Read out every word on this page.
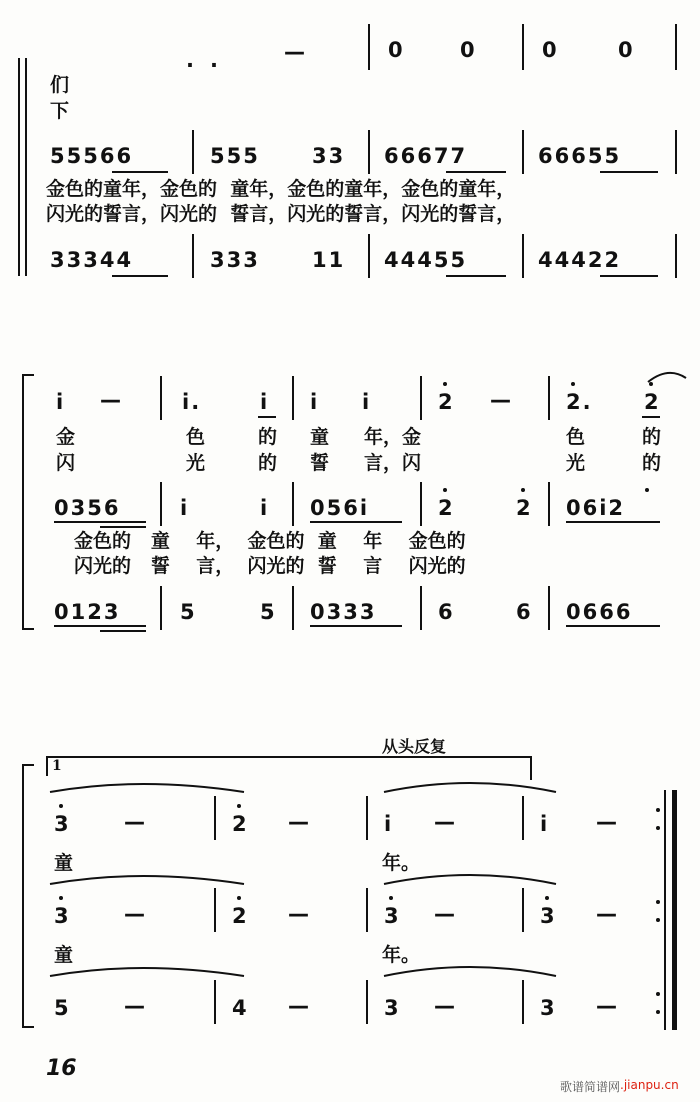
. .	—	0	0	0	0
们
下
55566	555 33 66677	66655
金色的童年，金色的  童年，金色的童年，金色的童年，
闪光的誓言，闪光的  誓言，闪光的誓言，闪光的誓言，
33344	333 11 44455	44422
i —	i.	i i i	2 —	2. 2
金	色	的 童 年，金	色	的
闪	光	的 誓 言，闪	光	的
0356	i	i 056i	2	2 06i2
金色的   童    年，  金色的  童    年    金色的
闪光的   誓    言，  闪光的  誓    言    闪光的
0123	5	5 0333	6	6 0666
从头反复
1
3	—	2 —	i —	i —
童	年。
3	—	2 —	3 —	3 —
童	年。
5	—	4 —	3 —	3 —
16
歌谱简谱网 .jianpu.cn
